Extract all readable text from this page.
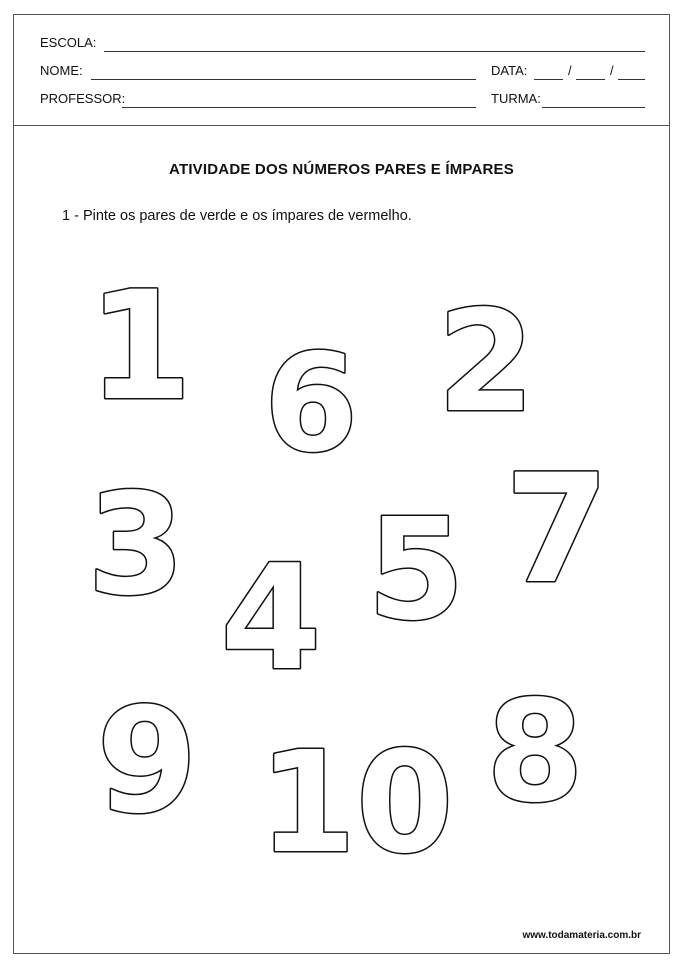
ESCOLA:
NOME:	DATA:	/	/
PROFESSOR:	TURMA:
ATIVIDADE DOS NÚMEROS PARES E ÍMPARES
1 - Pinte os pares de verde e os ímpares de vermelho.
www.todamateria.com.br
1 6 2
3 7
5
4
9 10 8
